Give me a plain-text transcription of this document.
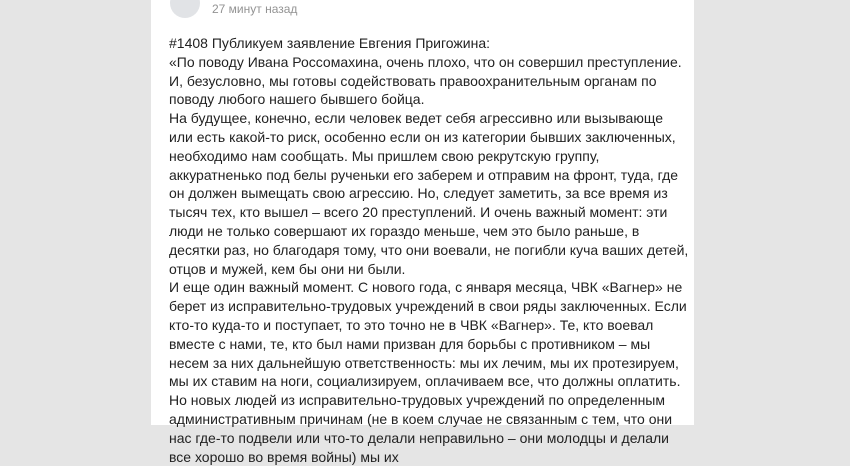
27 минут назад

#1408 Публикуем заявление Евгения Пригожина:

«По поводу Ивана Россомахина, очень плохо, что он совершил преступление. И, безусловно, мы готовы содействовать правоохранительным органам по поводу любого нашего бывшего бойца.

На будущее, конечно, если человек ведет себя агрессивно или вызывающе или есть какой-то риск, особенно если он из категории бывших заключенных, необходимо нам сообщать. Мы пришлем свою рекрутскую группу, аккуратненько под белы рученьки его заберем и отправим на фронт, туда, где он должен вымещать свою агрессию. Но, следует заметить, за все время из тысяч тех, кто вышел – всего 20 преступлений. И очень важный момент: эти люди не только совершают их гораздо меньше, чем это было раньше, в десятки раз, но благодаря тому, что они воевали, не погибли куча ваших детей, отцов и мужей, кем бы они ни были.

И еще один важный момент. С нового года, с января месяца, ЧВК «Вагнер» не берет из исправительно-трудовых учреждений в свои ряды заключенных. Если кто-то куда-то и поступает, то это точно не в ЧВК «Вагнер». Те, кто воевал вместе с нами, те, кто был нами призван для борьбы с противником – мы несем за них дальнейшую ответственность: мы их лечим, мы их протезируем, мы их ставим на ноги, социализируем, оплачиваем все, что должны оплатить. Но новых людей из исправительно-трудовых учреждений по определенным административным причинам (не в коем случае не связанным с тем, что они нас где-то подвели или что-то делали неправильно – они молодцы и делали все хорошо во время войны) мы их
